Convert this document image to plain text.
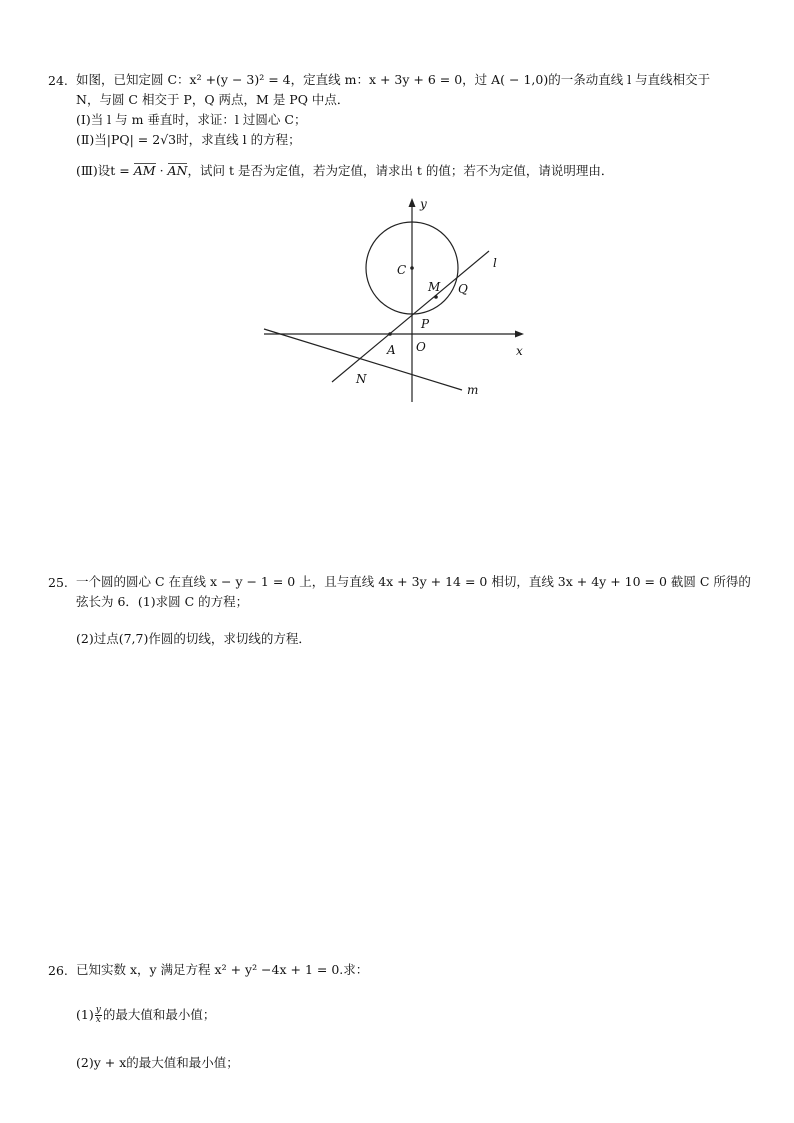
24. 如图，已知定圆 C：x² +(y − 3)² = 4，定直线 m：x + 3y + 6 = 0，过 A( − 1,0)的一条动直线 l 与直线相交于
N，与圆 C 相交于 P，Q 两点，M 是 PQ 中点．
(Ⅰ)当 l 与 m 垂直时，求证：l 过圆心 C；
(Ⅱ)当|PQ| = 2√3时，求直线 l 的方程；
(Ⅲ)设t = AM · AN，试问 t 是否为定值，若为定值，请求出 t 的值；若不为定值，请说明理由．
y
x
O
C
M Q
P
A
N
l
m
25. 一个圆的圆心 C 在直线 x − y − 1 = 0 上，且与直线 4x + 3y + 14 = 0 相切，直线 3x + 4y + 10 = 0 截圆 C 所得的
弦长为 6．(1)求圆 C 的方程；
(2)过点(7,7)作圆的切线，求切线的方程．
26. 已知实数 x，y 满足方程 x² + y² −4x + 1 = 0.求：
$(1) \frac{y}{x}$ 的最大值和最小值；
(2)y + x的最大值和最小值；
